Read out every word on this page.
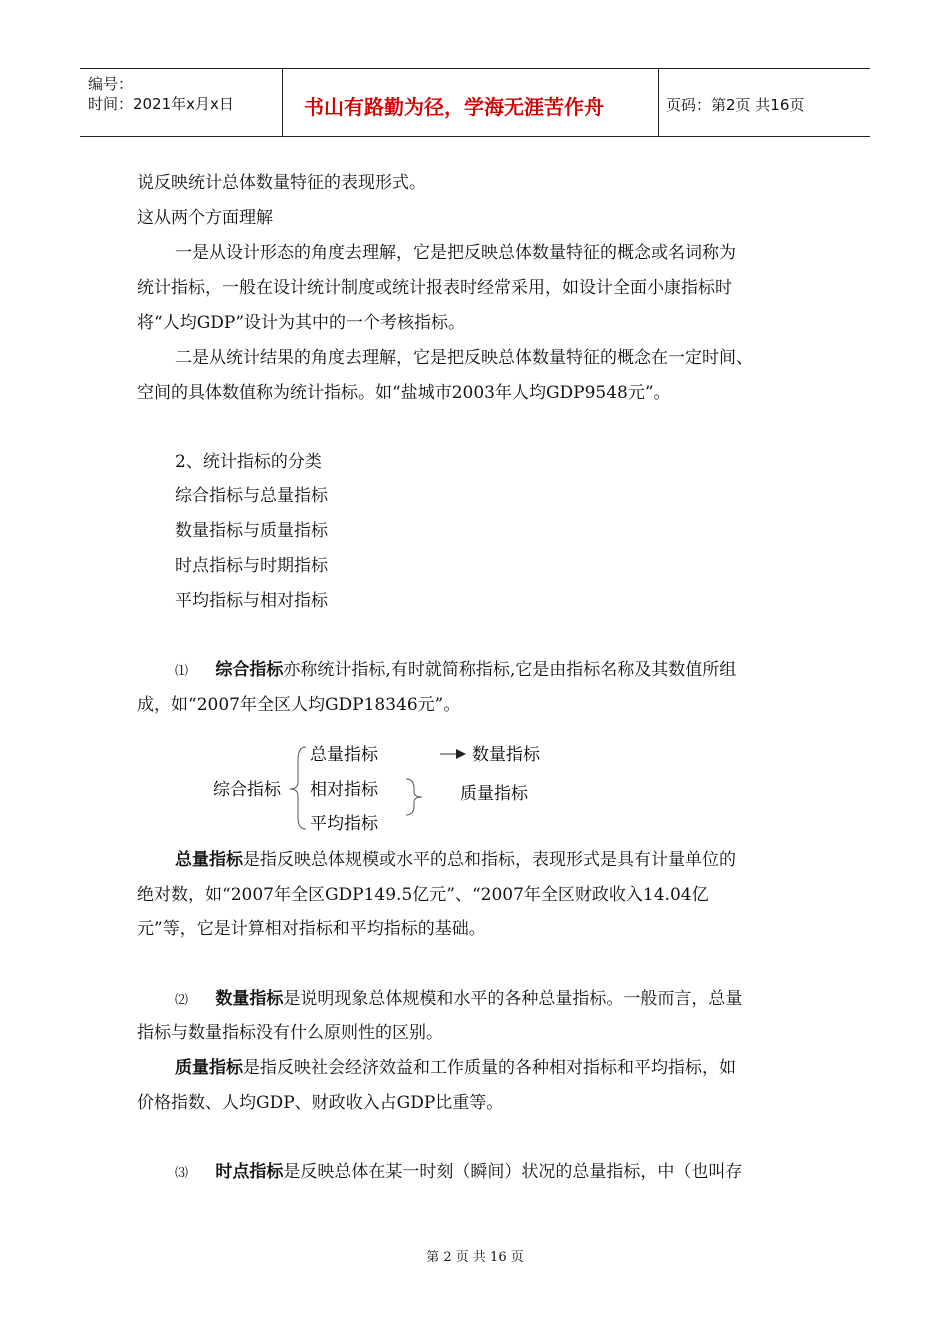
编号：
时间：2021年x月x日	书山有路勤为径，学海无涯苦作舟	页码：第2页 共16页
说反映统计总体数量特征的表现形式。
这从两个方面理解
一是从设计形态的角度去理解，它是把反映总体数量特征的概念或名词称为
统计指标，一般在设计统计制度或统计报表时经常采用，如设计全面小康指标时
将“人均GDP”设计为其中的一个考核指标。
二是从统计结果的角度去理解，它是把反映总体数量特征的概念在一定时间、
空间的具体数值称为统计指标。如“盐城市2003年人均GDP9548元”。
2、统计指标的分类
综合指标与总量指标
数量指标与质量指标
时点指标与时期指标
平均指标与相对指标
⑴ 综合指标亦称统计指标,有时就简称指标,它是由指标名称及其数值所组
成，如“2007年全区人均GDP18346元”。
综合指标
总量指标
相对指标
平均指标
数量指标
质量指标
总量指标是指反映总体规模或水平的总和指标，表现形式是具有计量单位的
绝对数，如“2007年全区GDP149.5亿元”、“2007年全区财政收入14.04亿
元”等，它是计算相对指标和平均指标的基础。
⑵ 数量指标是说明现象总体规模和水平的各种总量指标。一般而言，总量
指标与数量指标没有什么原则性的区别。
质量指标是指反映社会经济效益和工作质量的各种相对指标和平均指标，如
价格指数、人均GDP、财政收入占GDP比重等。
⑶ 时点指标是反映总体在某一时刻（瞬间）状况的总量指标，中（也叫存
第 2 页 共 16 页
